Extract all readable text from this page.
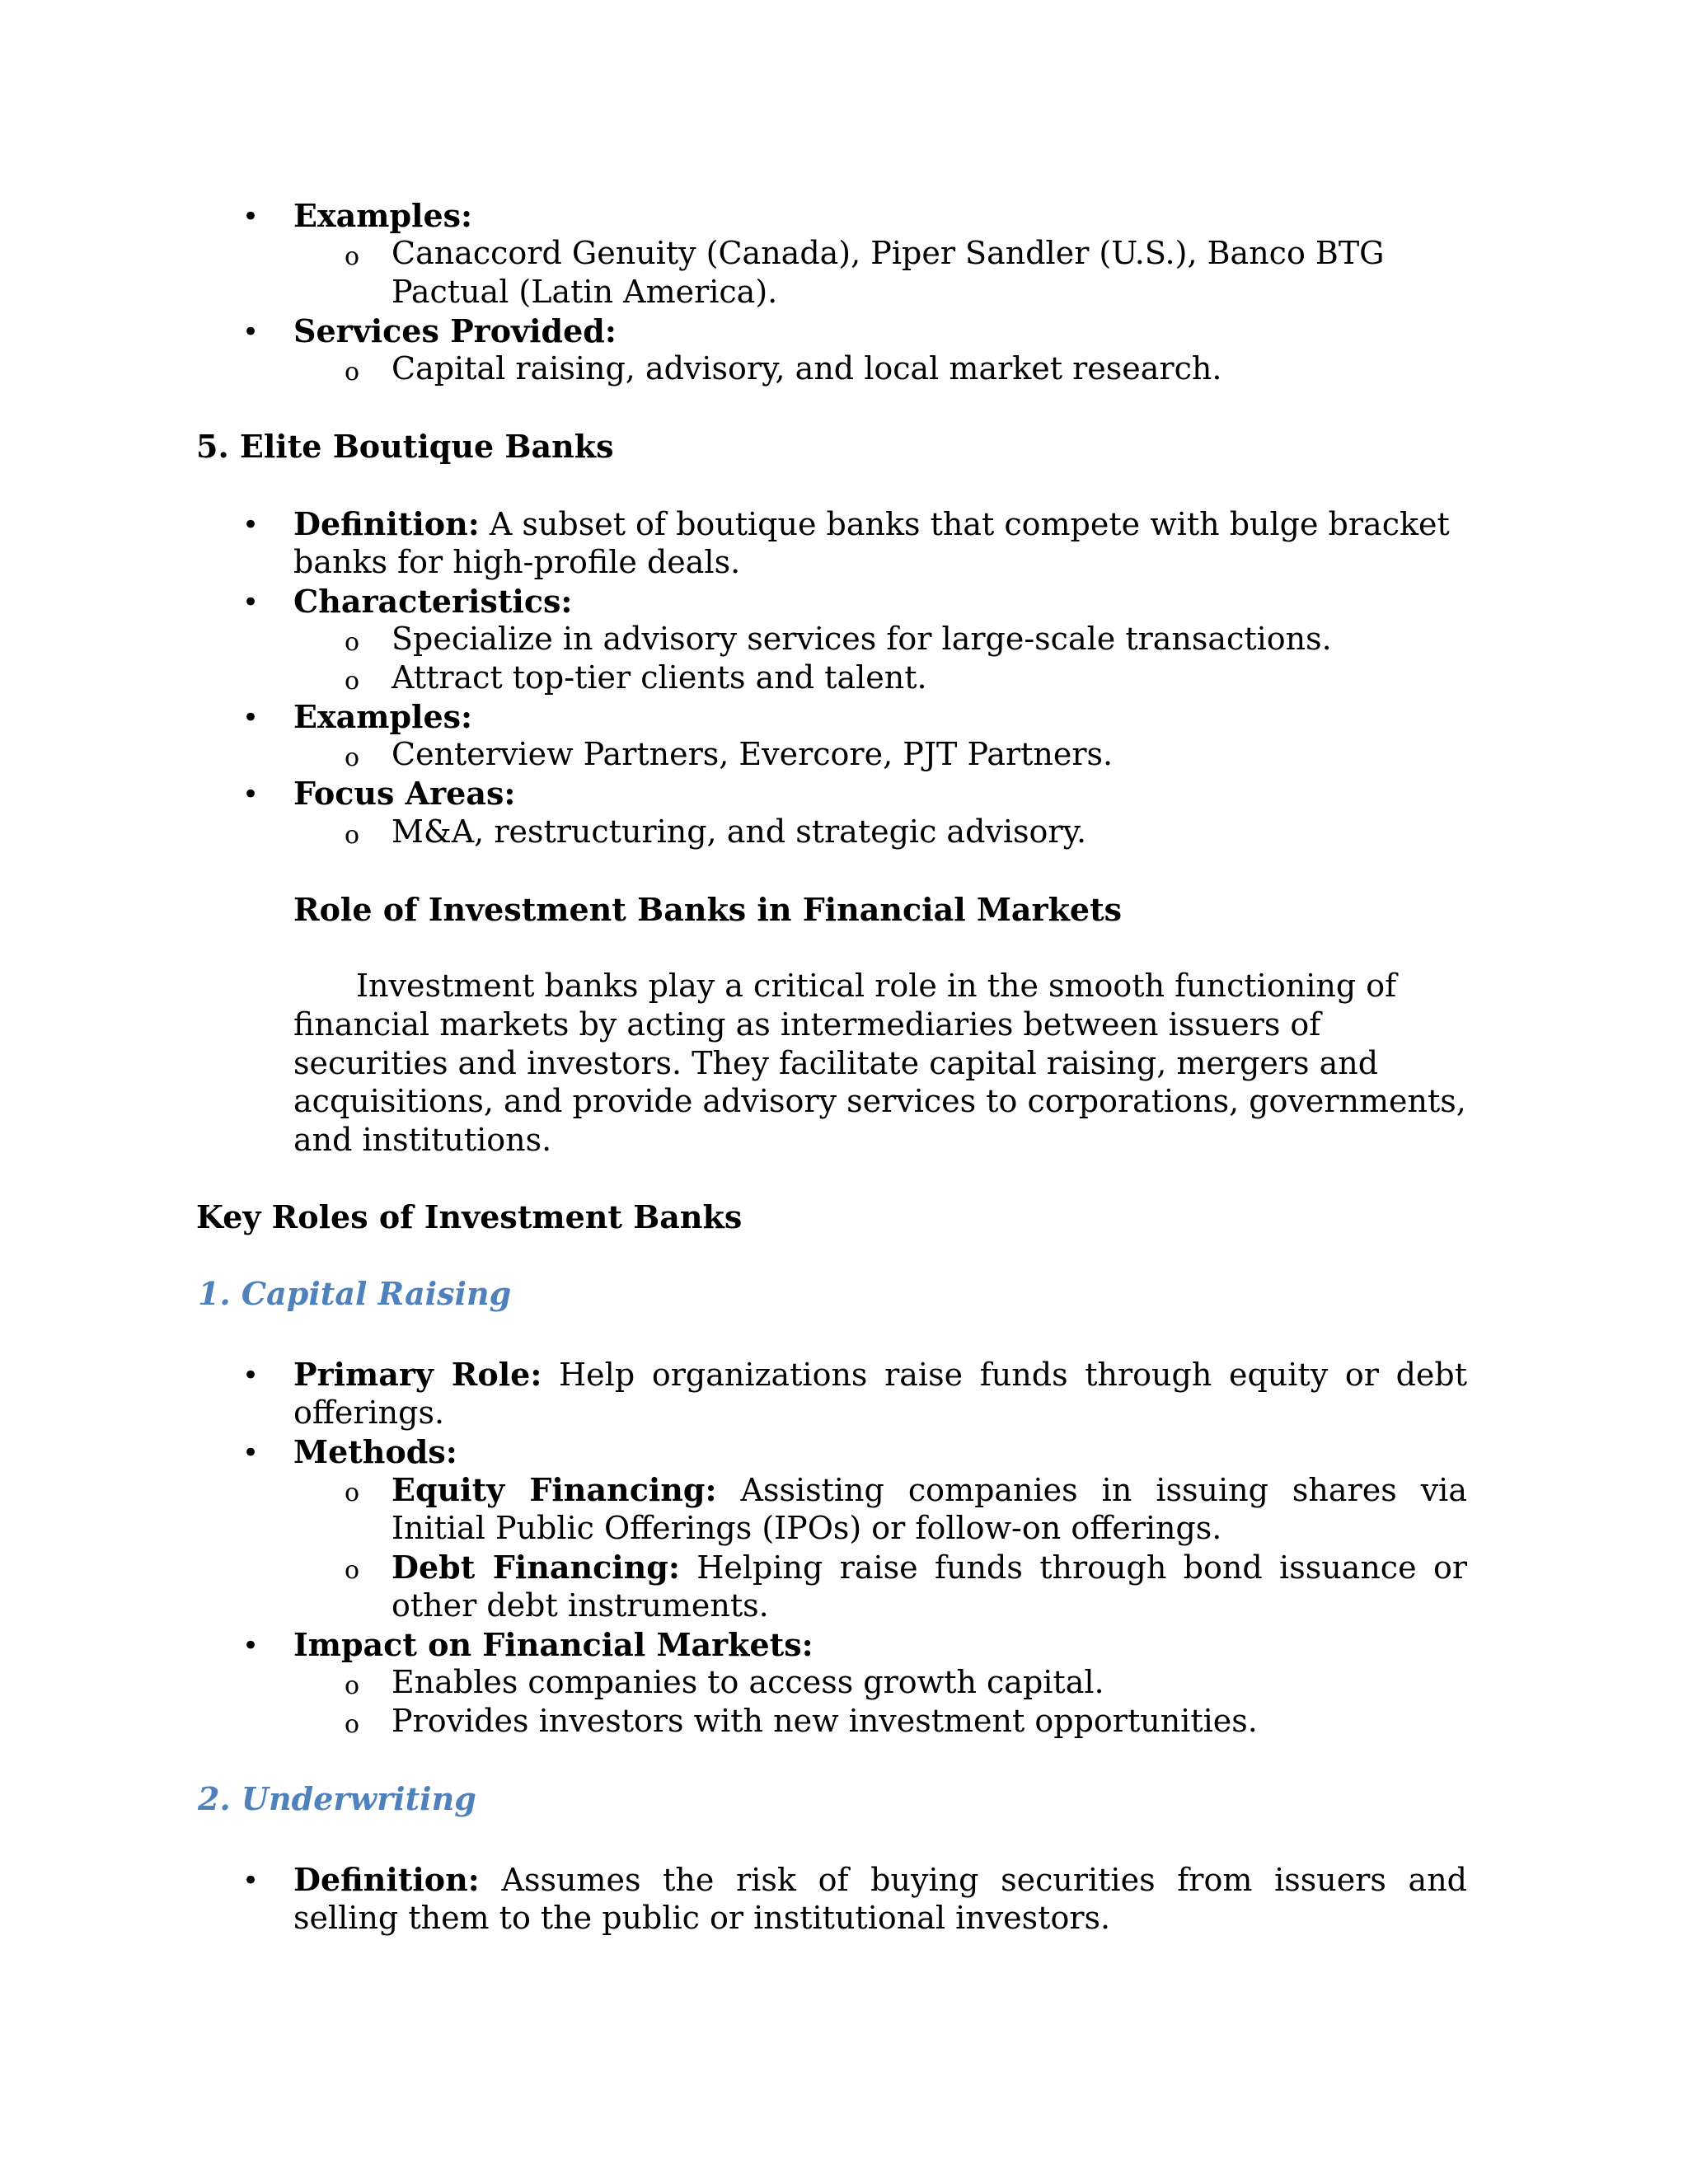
• Examples:
o Canaccord Genuity (Canada), Piper Sandler (U.S.), Banco BTG
Pactual (Latin America).
• Services Provided:
o Capital raising, advisory, and local market research.
5. Elite Boutique Banks
• Definition: A subset of boutique banks that compete with bulge bracket
banks for high-profile deals.
• Characteristics:
o Specialize in advisory services for large-scale transactions.
o Attract top-tier clients and talent.
• Examples:
o Centerview Partners, Evercore, PJT Partners.
• Focus Areas:
o M&A, restructuring, and strategic advisory.
Role of Investment Banks in Financial Markets
Investment banks play a critical role in the smooth functioning of
financial markets by acting as intermediaries between issuers of
securities and investors. They facilitate capital raising, mergers and
acquisitions, and provide advisory services to corporations, governments,
and institutions.
Key Roles of Investment Banks
1. Capital Raising
• Primary Role: Help organizations raise funds through equity or debt
offerings.
• Methods:
o Equity Financing: Assisting companies in issuing shares via
Initial Public Offerings (IPOs) or follow-on offerings.
o Debt Financing: Helping raise funds through bond issuance or
other debt instruments.
• Impact on Financial Markets:
o Enables companies to access growth capital.
o Provides investors with new investment opportunities.
2. Underwriting
• Definition: Assumes the risk of buying securities from issuers and
selling them to the public or institutional investors.
